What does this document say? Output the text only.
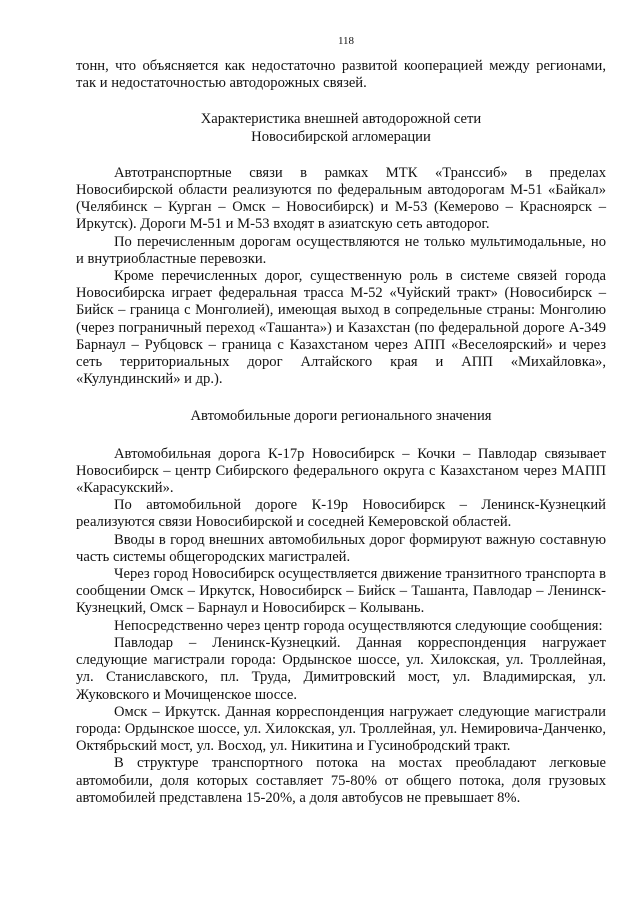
118

тонн, что объясняется как недостаточно развитой кооперацией между регионами, так и недостаточностью автодорожных связей.

Характеристика внешней автодорожной сети

Новосибирской агломерации

Автотранспортные связи в рамках МТК «Транссиб» в пределах Новосибирской области реализуются по федеральным автодорогам М-51 «Байкал» (Челябинск – Курган – Омск – Новосибирск) и М-53 (Кемерово – Красноярск – Иркутск). Дороги М-51 и М-53 входят в азиатскую сеть автодорог.

По перечисленным дорогам осуществляются не только мультимодальные, но и внутриобластные перевозки.

Кроме перечисленных дорог, существенную роль в системе связей города Новосибирска играет федеральная трасса М-52 «Чуйский тракт» (Новосибирск – Бийск – граница с Монголией), имеющая выход в сопредельные страны: Монголию (через пограничный переход «Ташанта») и Казахстан (по федеральной дороге А-349 Барнаул – Рубцовск – граница с Казахстаном через АПП «Веселоярский» и через сеть территориальных дорог Алтайского края и АПП «Михайловка», «Кулундинский» и др.).

Автомобильные дороги регионального значения

Автомобильная дорога К-17р Новосибирск – Кочки – Павлодар связывает Новосибирск – центр Сибирского федерального округа с Казахстаном через МАПП «Карасукский».

По автомобильной дороге К-19р Новосибирск – Ленинск-Кузнецкий реализуются связи Новосибирской и соседней Кемеровской областей.

Вводы в город внешних автомобильных дорог формируют важную составную часть системы общегородских магистралей.

Через город Новосибирск осуществляется движение транзитного транспорта в сообщении Омск – Иркутск, Новосибирск – Бийск – Ташанта, Павлодар – Ленинск-Кузнецкий, Омск – Барнаул и Новосибирск – Колывань.

Непосредственно через центр города осуществляются следующие сообщения:

Павлодар – Ленинск-Кузнецкий. Данная корреспонденция нагружает следующие магистрали города: Ордынское шоссе, ул. Хилокская, ул. Троллейная, ул. Станиславского, пл. Труда, Димитровский мост, ул. Владимирская, ул. Жуковского и Мочищенское шоссе.

Омск – Иркутск. Данная корреспонденция нагружает следующие магистрали города: Ордынское шоссе, ул. Хилокская, ул. Троллейная, ул. Немировича-Данченко, Октябрьский мост, ул. Восход, ул. Никитина и Гусинобродский тракт.

В структуре транспортного потока на мостах преобладают легковые автомобили, доля которых составляет 75-80% от общего потока, доля грузовых автомобилей представлена 15-20%, а доля автобусов не превышает 8%.
